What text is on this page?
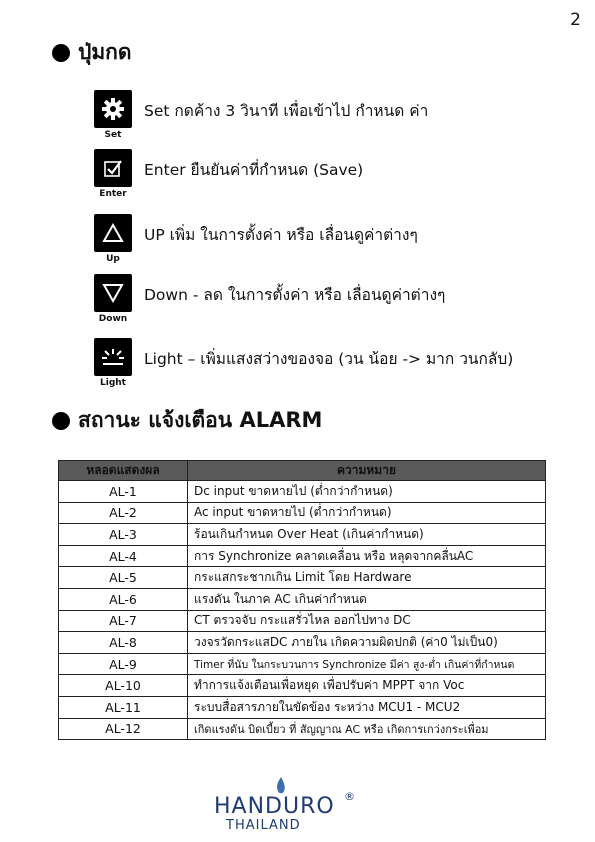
2
ปุ่มกด
Set
Set กดค้าง 3 วินาที เพื่อเข้าไป กำหนด ค่า
Enter
Enter ยืนยันค่าที่กำหนด (Save)
Up
UP เพิ่ม ในการตั้งค่า หรือ เลื่อนดูค่าต่างๆ
Down
Down - ลด ในการตั้งค่า หรือ เลื่อนดูค่าต่างๆ
Light
Light – เพิ่มแสงสว่างของจอ (วน น้อย -> มาก วนกลับ)
สถานะ แจ้งเตือน ALARM
หลอดแสดงผล	ความหมาย
AL-1	Dc input ขาดหายไป (ต่ำกว่ากำหนด)
AL-2	Ac input ขาดหายไป (ต่ำกว่ากำหนด)
AL-3	ร้อนเกินกำหนด Over Heat (เกินค่ากำหนด)
AL-4	การ Synchronize คลาดเคลื่อน หรือ หลุดจากคลื่นAC
AL-5	กระแสกระชากเกิน Limit โดย Hardware
AL-6	แรงดัน ในภาค AC เกินค่ากำหนด
AL-7	CT ตรวจจับ กระแสรั่วไหล ออกไปทาง DC
AL-8	วงจรวัดกระแสDC ภายใน เกิดความผิดปกติ (ค่า0 ไม่เป็น0)
AL-9	Timer ที่นับ ในกระบวนการ Synchronize มีค่า สูง-ต่ำ เกินค่าที่กำหนด
AL-10	ทำการแจ้งเตือนเพื่อหยุด เพื่อปรับค่า MPPT จาก Voc
AL-11	ระบบสื่อสารภายในขัดข้อง ระหว่าง MCU1 - MCU2
AL-12	เกิดแรงดัน บิดเบี้ยว ที่ สัญญาณ AC หรือ เกิดการเกว่งกระเพื่อม
HANDURO ®
THAILAND
